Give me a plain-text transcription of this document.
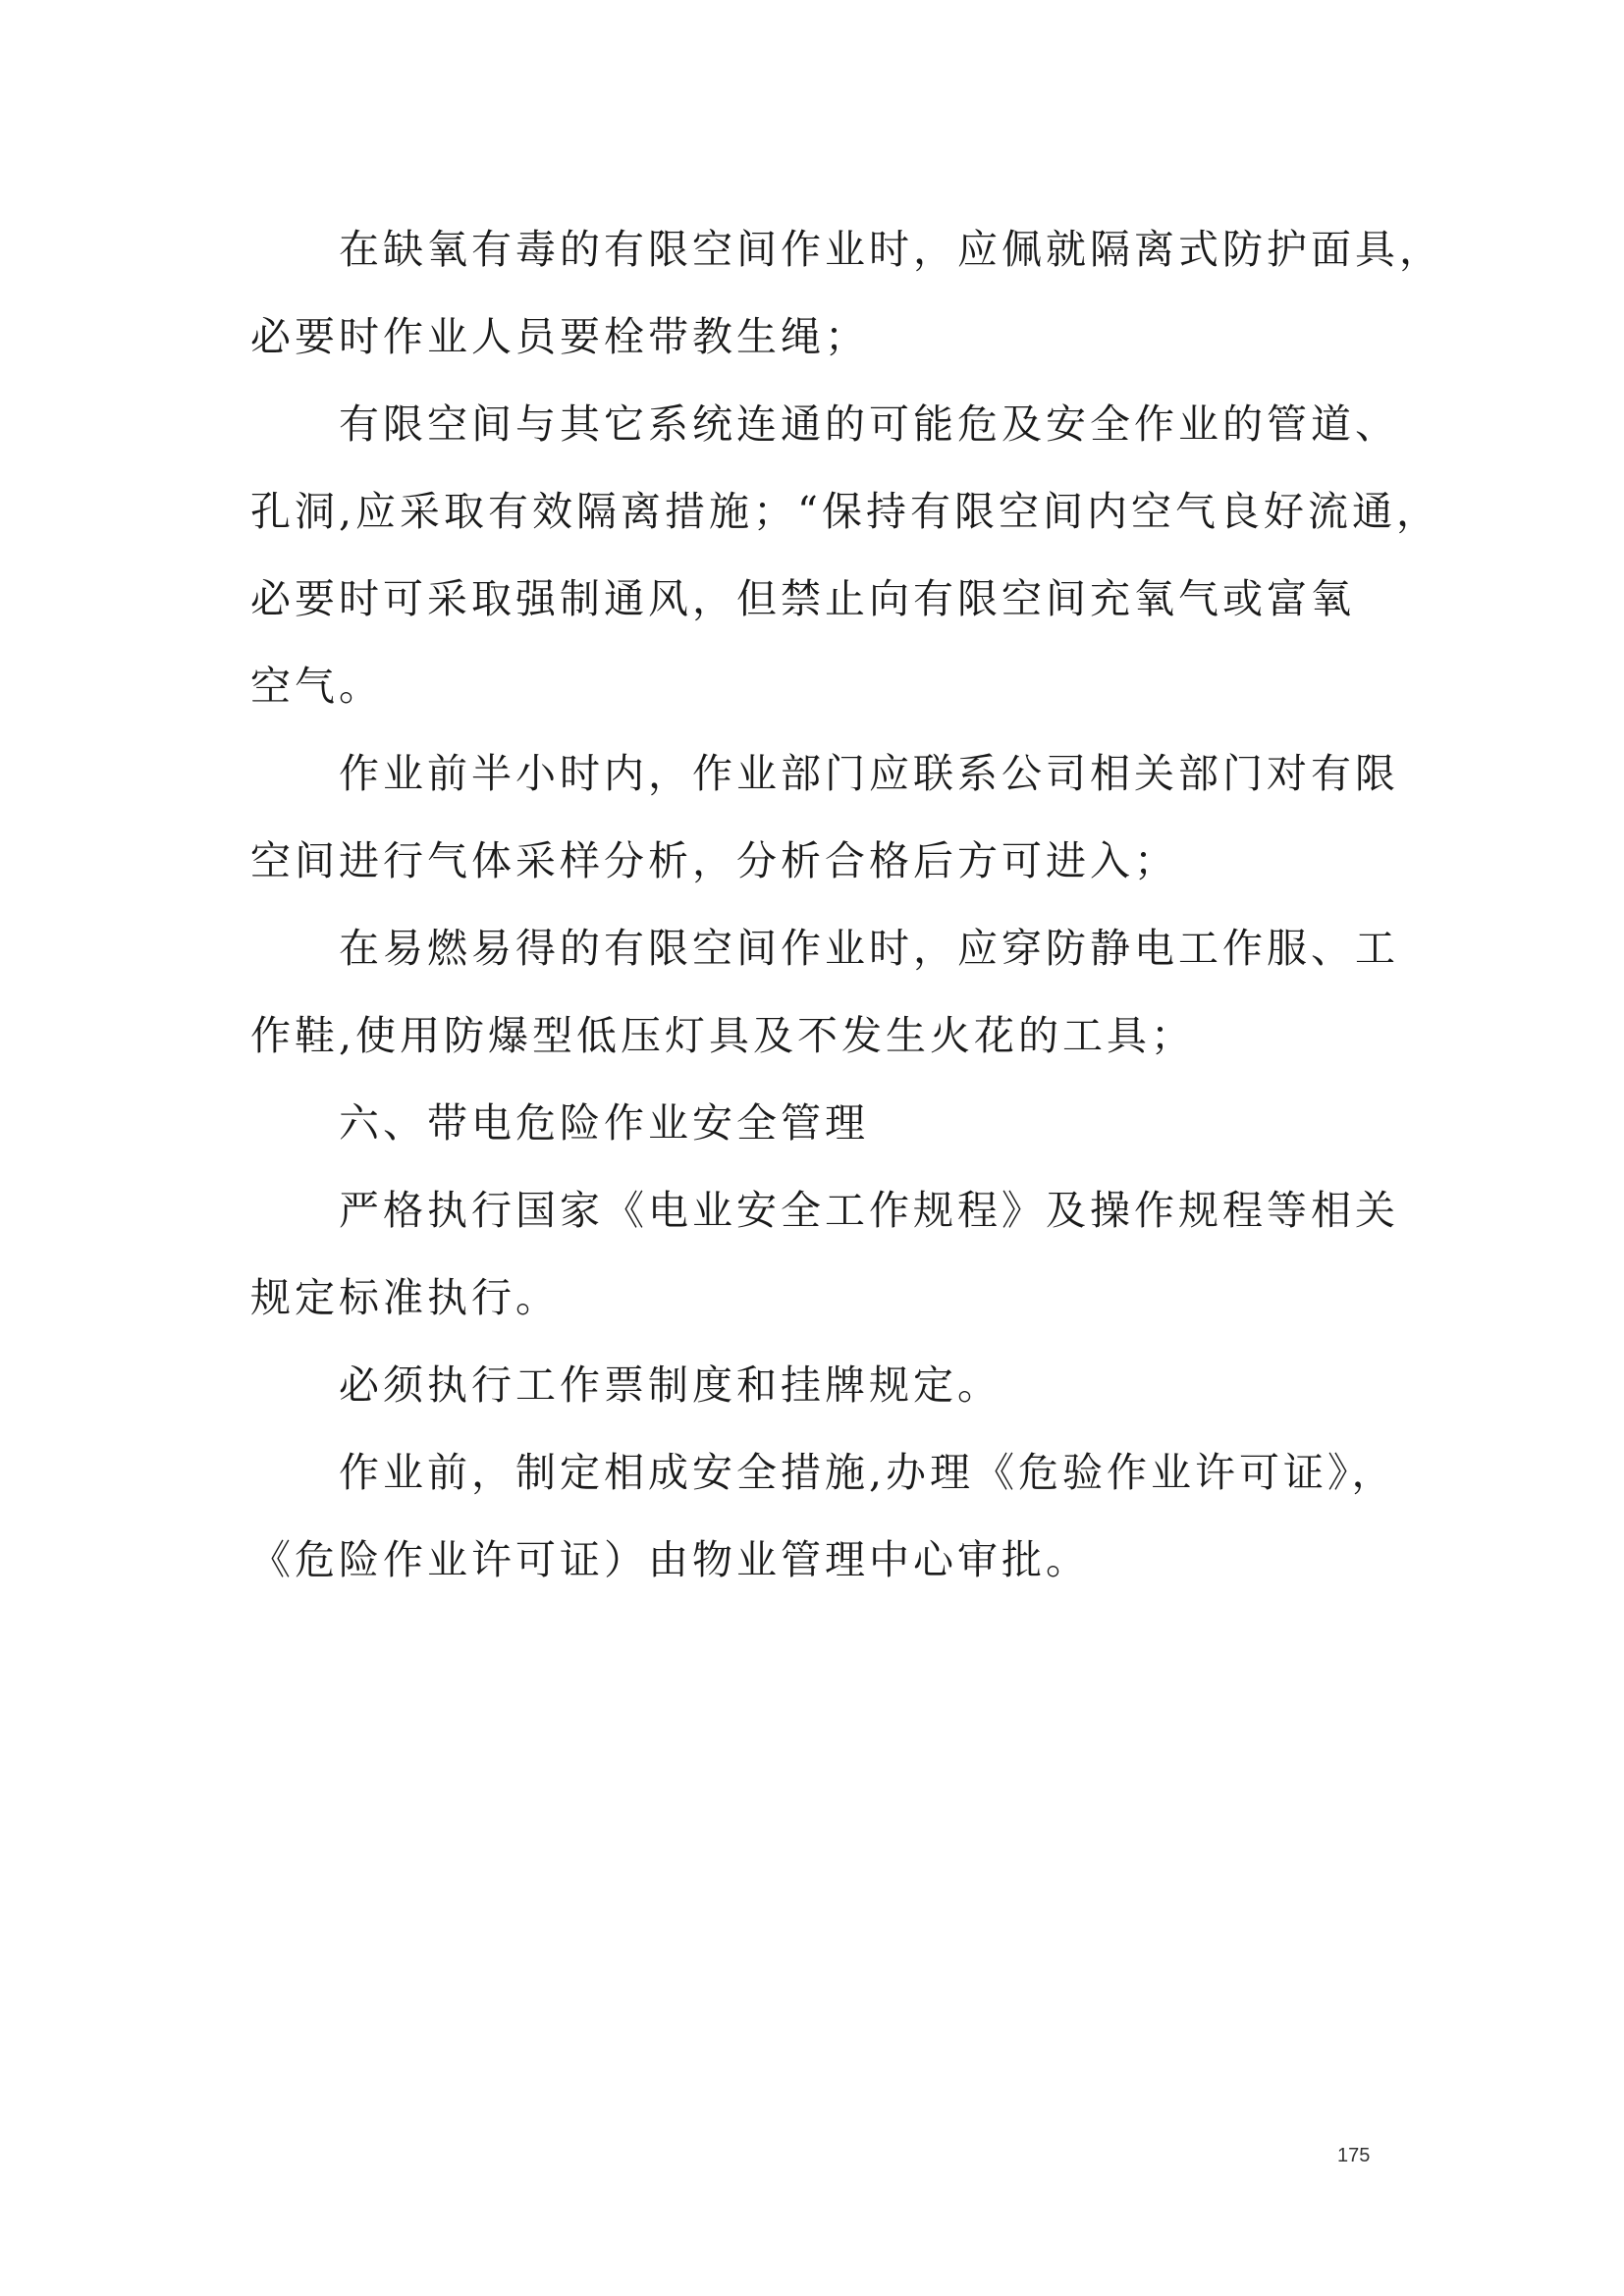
在缺氧有毒的有限空间作业时，应佩就隔离式防护面具，
必要时作业人员要栓带教生绳；

有限空间与其它系统连通的可能危及安全作业的管道、
孔洞,应采取有效隔离措施；“保持有限空间内空气良好流通，
必要时可采取强制通风，但禁止向有限空间充氧气或富氧
空气。

作业前半小时内，作业部门应联系公司相关部门对有限
空间进行气体采样分析，分析合格后方可进入；

在易燃易得的有限空间作业时，应穿防静电工作服、工
作鞋,使用防爆型低压灯具及不发生火花的工具；

六、带电危险作业安全管理

严格执行国家《电业安全工作规程》及操作规程等相关
规定标准执行。

必须执行工作票制度和挂牌规定。

作业前，制定相成安全措施,办理《危验作业许可证》，
《危险作业许可证）由物业管理中心审批。

175
